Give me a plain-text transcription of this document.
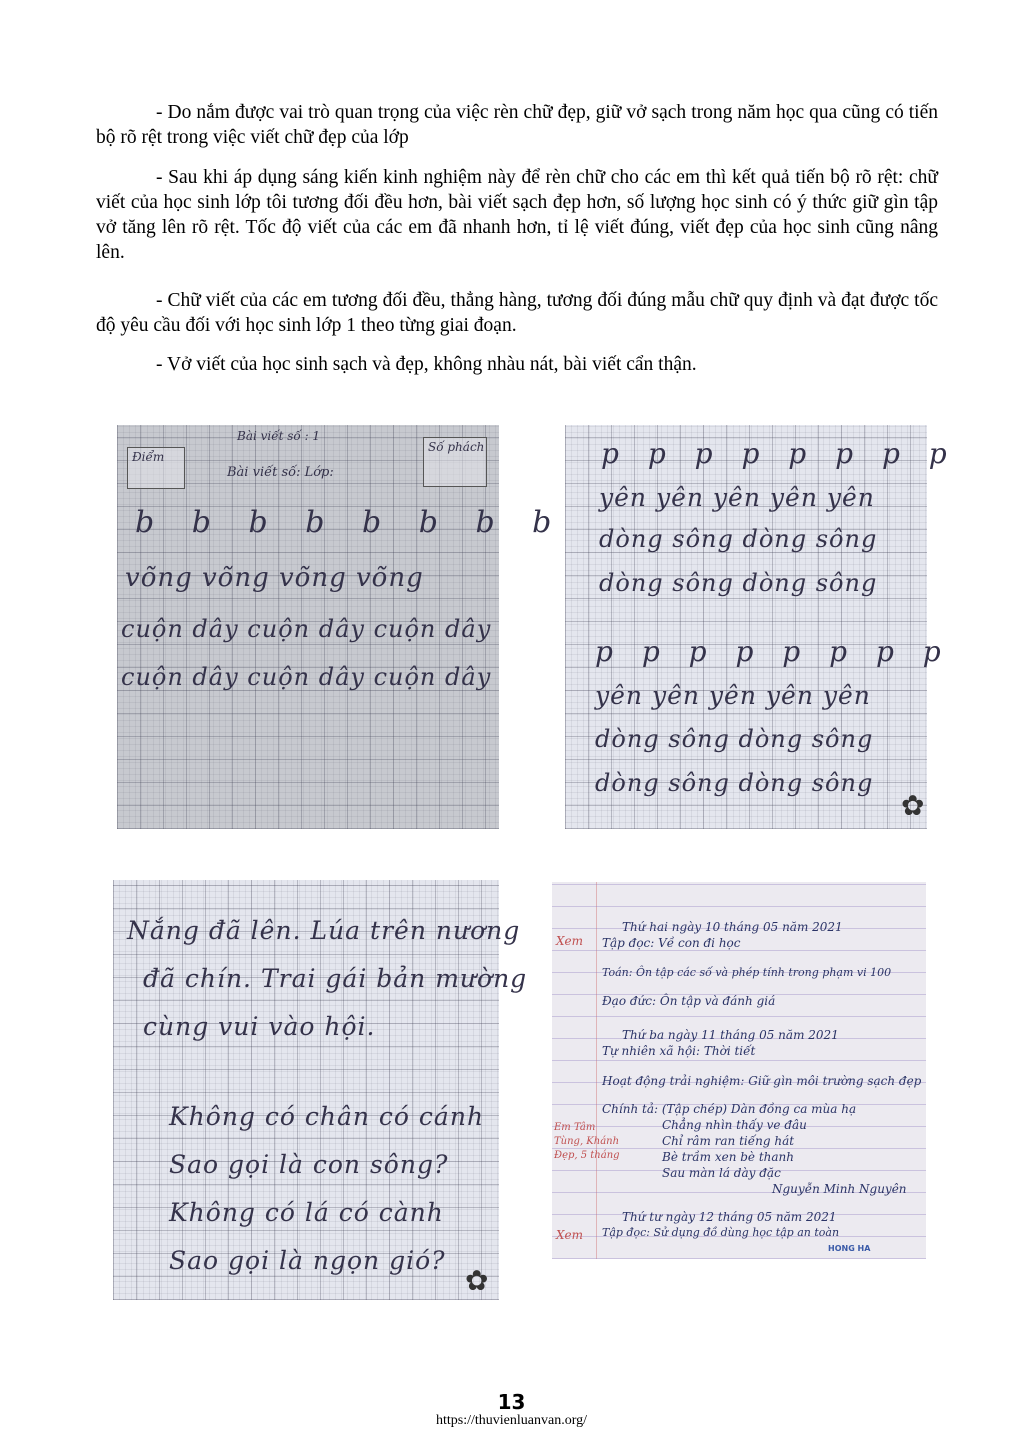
- Do nắm được vai trò quan trọng của việc rèn chữ đẹp, giữ vở sạch trong năm học qua cũng có tiến bộ rõ rệt trong việc viết chữ đẹp của lớp

- Sau khi áp dụng sáng kiến kinh nghiệm này để rèn chữ cho các em thì kết quả tiến bộ rõ rệt: chữ viết của học sinh lớp tôi tương đối đều hơn, bài viết sạch đẹp hơn, số lượng học sinh có ý thức giữ gìn tập vở tăng lên rõ rệt. Tốc độ viết của các em đã nhanh hơn, tỉ lệ viết đúng, viết đẹp của học sinh cũng nâng lên.

- Chữ viết của các em tương đối đều, thẳng hàng, tương đối đúng mẫu chữ quy định và đạt được tốc độ yêu cầu đối với học sinh lớp 1 theo từng giai đoạn.

- Vở viết của học sinh sạch và đẹp, không nhàu nát, bài viết cẩn thận.

Bài viết số : 1
Điểm
Số phách
Bài viết số: Lớp:
b b b b b b b b
võng võng võng võng
cuộn dây cuộn dây cuộn dây
cuộn dây cuộn dây cuộn dây
p p p p p p p p
yên yên yên yên yên
dòng sông dòng sông
dòng sông dòng sông
p p p p p p p p
yên yên yên yên yên
dòng sông dòng sông
dòng sông dòng sông
✿
Nắng đã lên. Lúa trên nương
đã chín. Trai gái bản mường
cùng vui vào hội.
Không có chân có cánh
Sao gọi là con sông?
Không có lá có cành
Sao gọi là ngọn gió?
✿
Xem
Em Tâm
Tùng, Khánh
Đẹp, 5 tháng
Xem
Thứ hai ngày 10 tháng 05 năm 2021
Tập đọc: Về con đi học
Toán: Ôn tập các số và phép tính trong phạm vi 100
Đạo đức: Ôn tập và đánh giá
Thứ ba ngày 11 tháng 05 năm 2021
Tự nhiên xã hội: Thời tiết
Hoạt động trải nghiệm: Giữ gìn môi trường sạch đẹp
Chính tả: (Tập chép) Dàn đồng ca mùa hạ
Chẳng nhìn thấy ve đâu
Chỉ râm ran tiếng hát
Bè trầm xen bè thanh
Sau màn lá dày đặc
Nguyễn Minh Nguyên
Thứ tư ngày 12 tháng 05 năm 2021
Tập đọc: Sử dụng đồ dùng học tập an toàn
HONG HA
13
https://thuvienluanvan.org/
